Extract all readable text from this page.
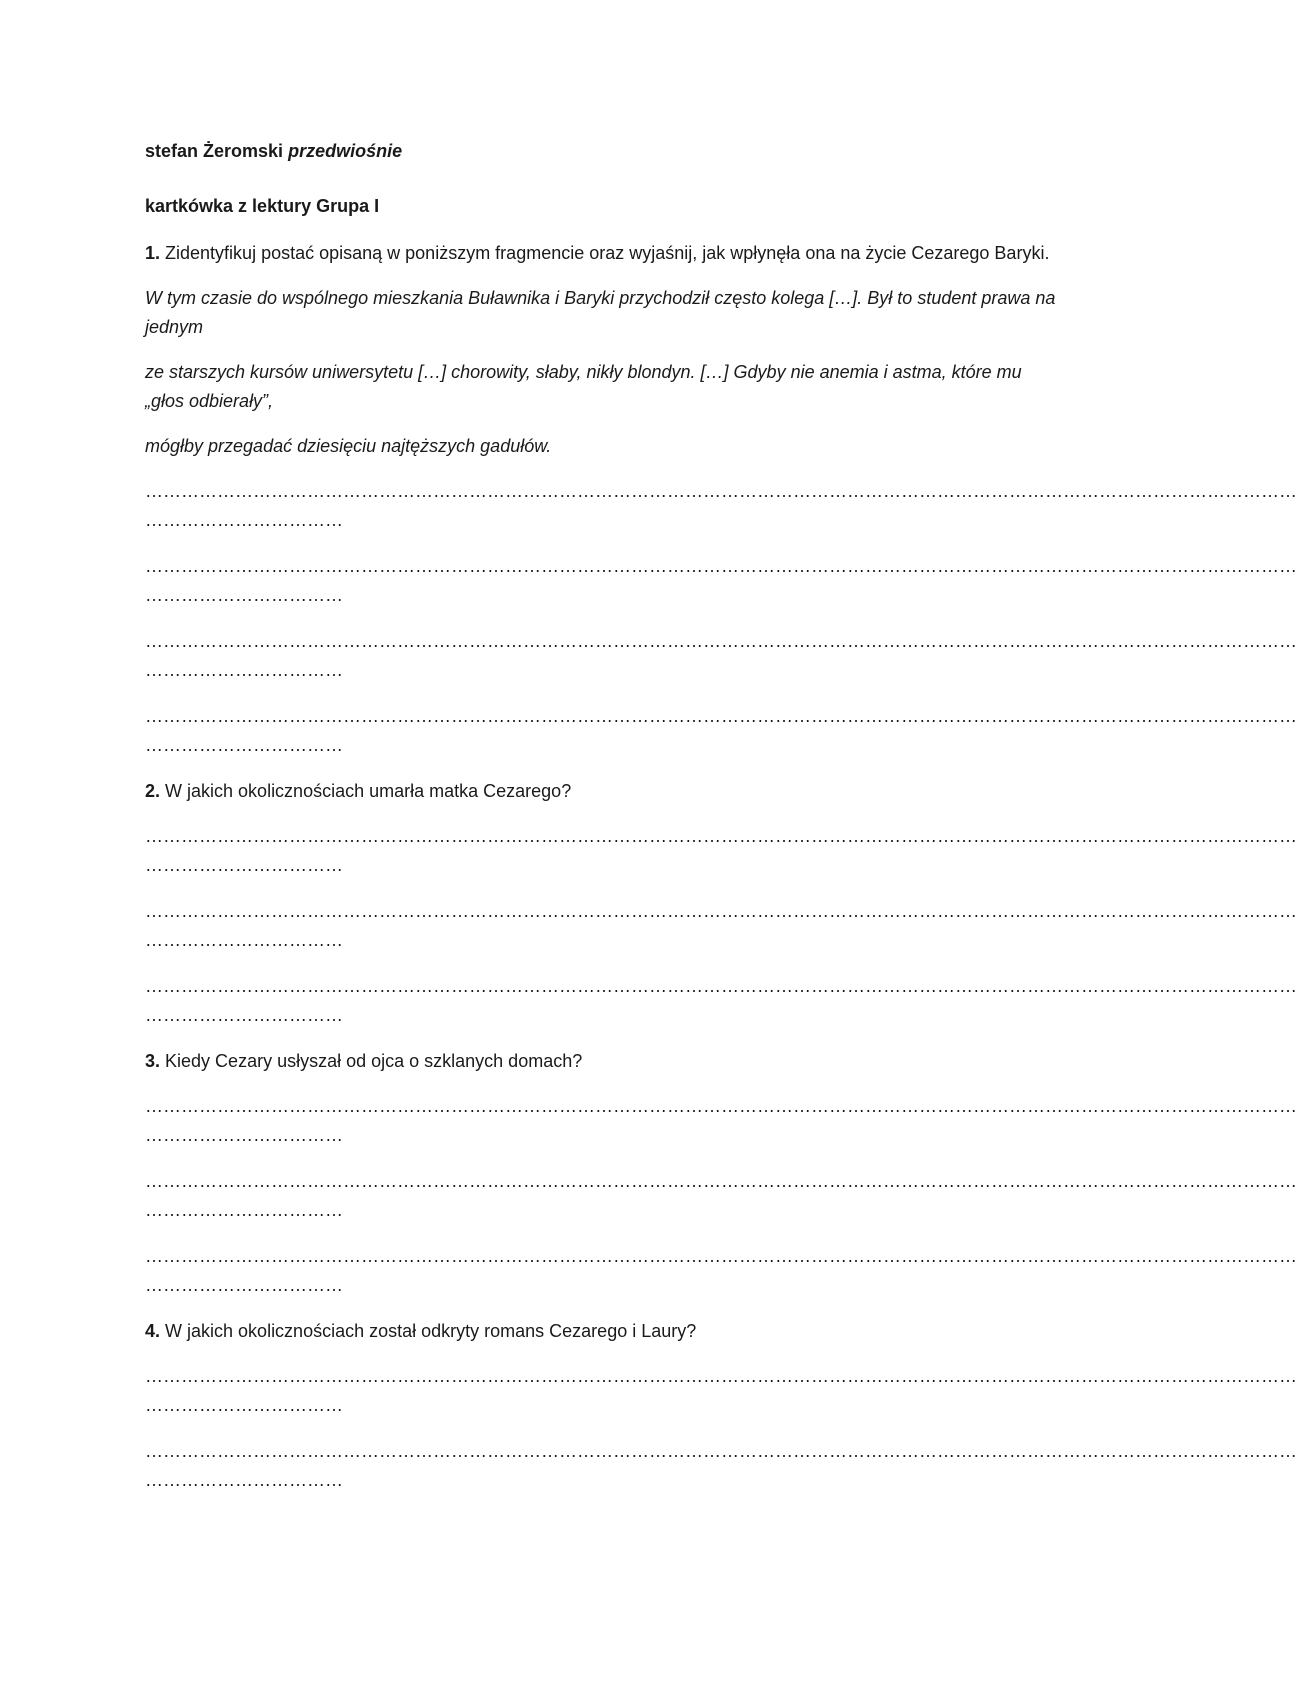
stefan Żeromski przedwiośnie
kartkówka z lektury Grupa I
1. Zidentyfikuj postać opisaną w poniższym fragmencie oraz wyjaśnij, jak wpłynęła ona na życie Cezarego Baryki.
W tym czasie do wspólnego mieszkania Buławnika i Baryki przychodził często kolega […]. Był to student prawa na jednym
ze starszych kursów uniwersytetu […] chorowity, słaby, nikły blondyn. […] Gdyby nie anemia i astma, które mu „głos odbierały”,
mógłby przegadać dziesięciu najtęższych gadułów.
…………………………………………………………………………………………………………………………………………………………………………
……………………………
…………………………………………………………………………………………………………………………………………………………………………
……………………………
…………………………………………………………………………………………………………………………………………………………………………
……………………………
…………………………………………………………………………………………………………………………………………………………………………
……………………………
2. W jakich okolicznościach umarła matka Cezarego?
…………………………………………………………………………………………………………………………………………………………………………
……………………………
…………………………………………………………………………………………………………………………………………………………………………
……………………………
…………………………………………………………………………………………………………………………………………………………………………
……………………………
3. Kiedy Cezary usłyszał od ojca o szklanych domach?
…………………………………………………………………………………………………………………………………………………………………………
……………………………
…………………………………………………………………………………………………………………………………………………………………………
……………………………
…………………………………………………………………………………………………………………………………………………………………………
……………………………
4. W jakich okolicznościach został odkryty romans Cezarego i Laury?
…………………………………………………………………………………………………………………………………………………………………………
……………………………
…………………………………………………………………………………………………………………………………………………………………………
……………………………
